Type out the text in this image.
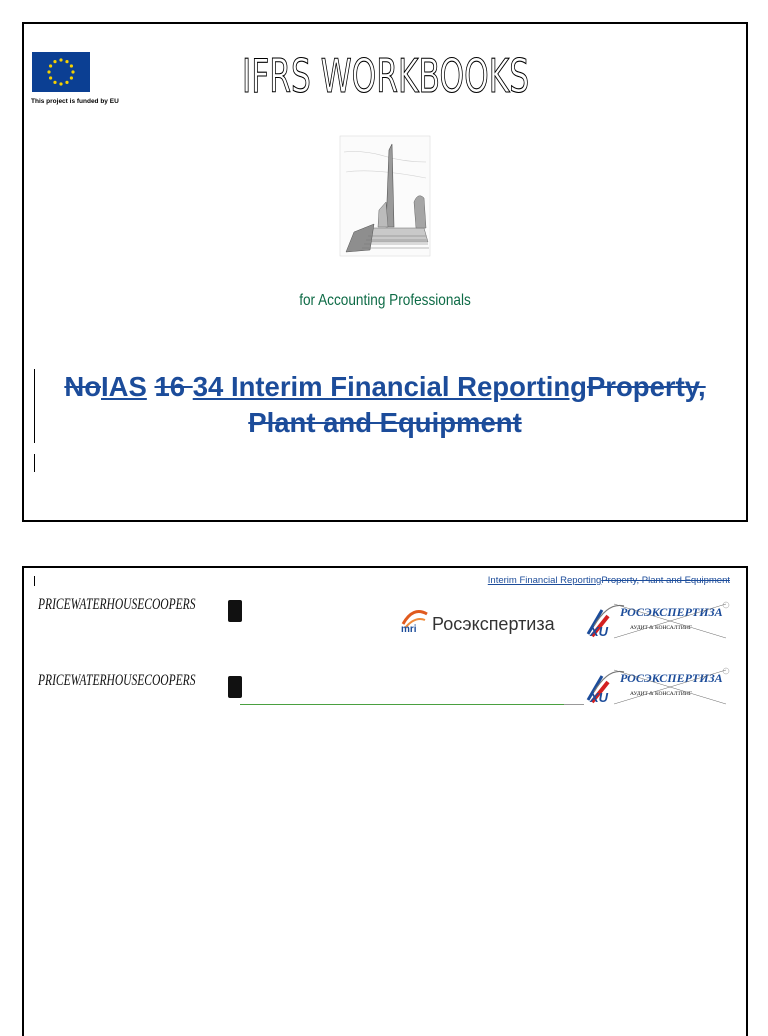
This project is funded by EU	IFRS WORKBOOKS
for Accounting Professionals
NoIAS 16 34 Interim Financial ReportingProperty, Plant and Equipment
Interim Financial ReportingProperty, Plant and Equipment
PRICEWATERHOUSECOOPERS
mri Росэкспертиза	XU
РОСЭКСПЕРТИЗА
АУДИТ & КОНСАЛТИНГ
PRICEWATERHOUSECOOPERS
XU
РОСЭКСПЕРТИЗА
АУДИТ & КОНСАЛТИНГ
